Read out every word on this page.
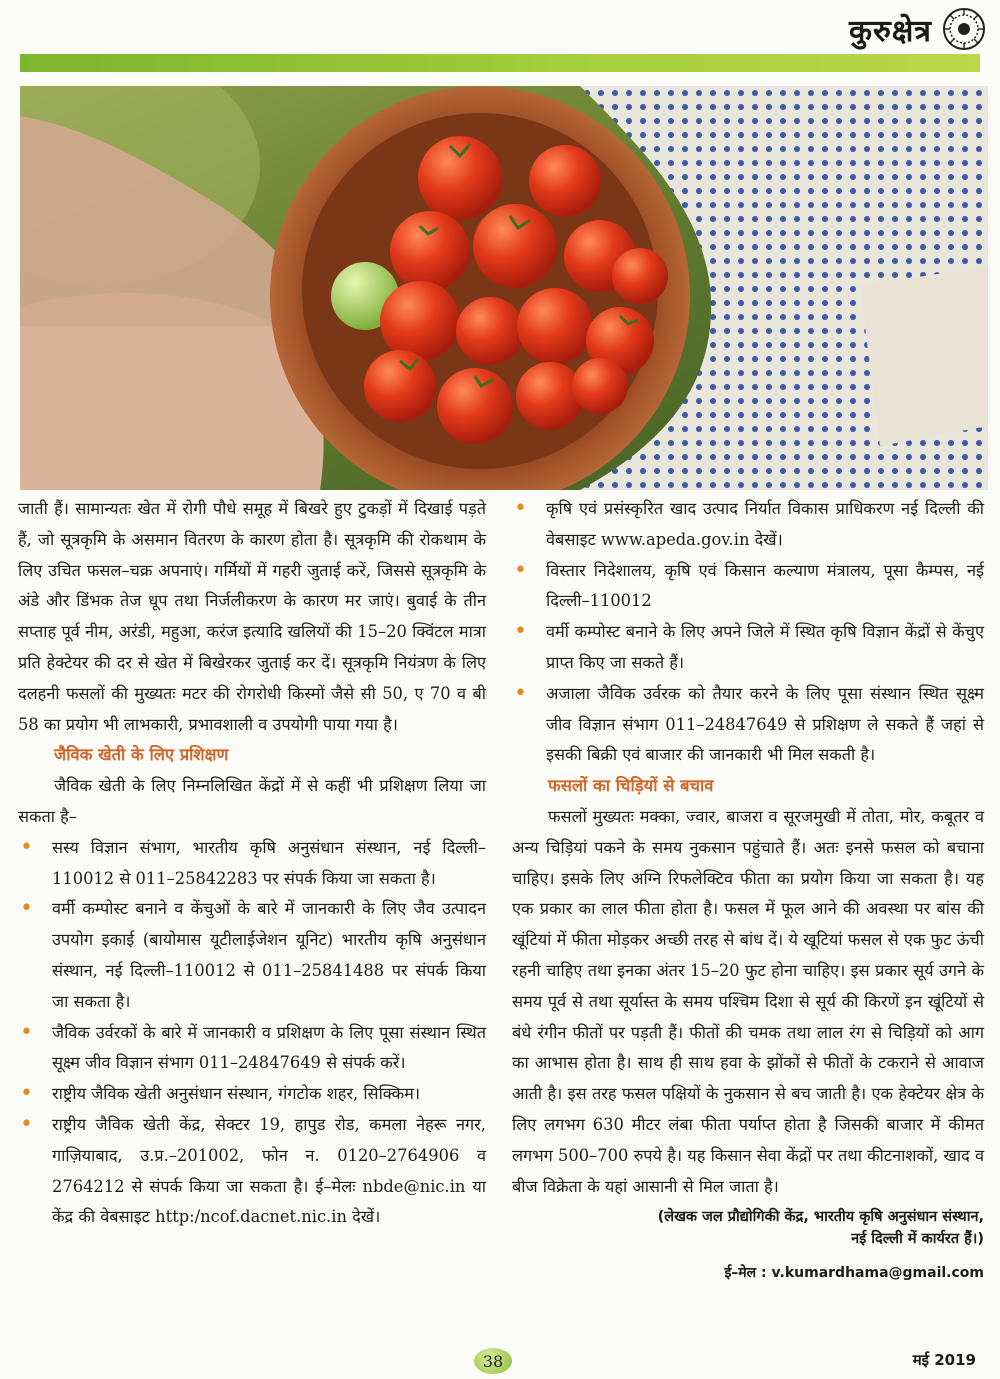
कुरुक्षेत्र

जाती हैं। सामान्यतः खेत में रोगी पौधे समूह में बिखरे हुए टुकड़ों में दिखाई पड़ते हैं, जो सूत्रकृमि के असमान वितरण के कारण होता है। सूत्रकृमि की रोकथाम के लिए उचित फसल–चक्र अपनाएं। गर्मियों में गहरी जुताई करें, जिससे सूत्रकृमि के अंडे और डिंभक तेज धूप तथा निर्जलीकरण के कारण मर जाएं। बुवाई के तीन सप्ताह पूर्व नीम, अरंडी, महुआ, करंज इत्यादि खलियों की 15–20 क्विंटल मात्रा प्रति हेक्टेयर की दर से खेत में बिखेरकर जुताई कर दें। सूत्रकृमि नियंत्रण के लिए दलहनी फसलों की मुख्यतः मटर की रोगरोधी किस्मों जैसे सी 50, ए 70 व बी 58 का प्रयोग भी लाभकारी, प्रभावशाली व उपयोगी पाया गया है।

जैविक खेती के लिए प्रशिक्षण

जैविक खेती के लिए निम्नलिखित केंद्रों में से कहीं भी प्रशिक्षण लिया जा सकता है–

• सस्य विज्ञान संभाग, भारतीय कृषि अनुसंधान संस्थान, नई दिल्ली–110012 से 011–25842283 पर संपर्क किया जा सकता है।
• वर्मी कम्पोस्ट बनाने व केंचुओं के बारे में जानकारी के लिए जैव उत्पादन उपयोग इकाई (बायोमास यूटीलाईजेशन यूनिट) भारतीय कृषि अनुसंधान संस्थान, नई दिल्ली–110012 से 011–25841488 पर संपर्क किया जा सकता है।
• जैविक उर्वरकों के बारे में जानकारी व प्रशिक्षण के लिए पूसा संस्थान स्थित सूक्ष्म जीव विज्ञान संभाग 011–24847649 से संपर्क करें।
• राष्ट्रीय जैविक खेती अनुसंधान संस्थान, गंगटोक शहर, सिक्किम।
• राष्ट्रीय जैविक खेती केंद्र, सेक्टर 19, हापुड रोड, कमला नेहरू नगर, गाज़ियाबाद, उ.प्र.–201002, फोन न. 0120–2764906 व 2764212 से संपर्क किया जा सकता है। ई–मेलः nbde@nic.in या केंद्र की वेबसाइट http:/ncof.dacnet.nic.in देखें।
• कृषि एवं प्रसंस्कृरित खाद उत्पाद निर्यात विकास प्राधिकरण नई दिल्ली की वेबसाइट www.apeda.gov.in देखें।
• विस्तार निदेशालय, कृषि एवं किसान कल्याण मंत्रालय, पूसा कैम्पस, नई दिल्ली–110012
• वर्मी कम्पोस्ट बनाने के लिए अपने जिले में स्थित कृषि विज्ञान केंद्रों से केंचुए प्राप्त किए जा सकते हैं।
• अजाला जैविक उर्वरक को तैयार करने के लिए पूसा संस्थान स्थित सूक्ष्म जीव विज्ञान संभाग 011–24847649 से प्रशिक्षण ले सकते हैं जहां से इसकी बिक्री एवं बाजार की जानकारी भी मिल सकती है।
फसलों का चिड़ियों से बचाव

फसलों मुख्यतः मक्का, ज्वार, बाजरा व सूरजमुखी में तोता, मोर, कबूतर व अन्य चिड़ियां पकने के समय नुकसान पहुंचाते हैं। अतः इनसे फसल को बचाना चाहिए। इसके लिए अग्नि रिफलेक्टिव फीता का प्रयोग किया जा सकता है। यह एक प्रकार का लाल फीता होता है। फसल में फूल आने की अवस्था पर बांस की खूंटियां में फीता मोड़कर अच्छी तरह से बांध दें। ये खूटियां फसल से एक फुट ऊंची रहनी चाहिए तथा इनका अंतर 15–20 फुट होना चाहिए। इस प्रकार सूर्य उगने के समय पूर्व से तथा सूर्यास्त के समय पश्चिम दिशा से सूर्य की किरणें इन खूंटियों से बंधे रंगीन फीतों पर पड़ती हैं। फीतों की चमक तथा लाल रंग से चिड़ियों को आग का आभास होता है। साथ ही साथ हवा के झोंकों से फीतों के टकराने से आवाज आती है। इस तरह फसल पक्षियों के नुकसान से बच जाती है। एक हेक्टेयर क्षेत्र के लिए लगभग 630 मीटर लंबा फीता पर्याप्त होता है जिसकी बाजार में कीमत लगभग 500–700 रुपये है। यह किसान सेवा केंद्रों पर तथा कीटनाशकों, खाद व बीज विक्रेता के यहां आसानी से मिल जाता है।

(लेखक जल प्रौद्योगिकी केंद्र, भारतीय कृषि अनुसंधान संस्थान,
नई दिल्ली में कार्यरत हैं।)
ई–मेल : v.kumardhama@gmail.com
38	मई 2019
